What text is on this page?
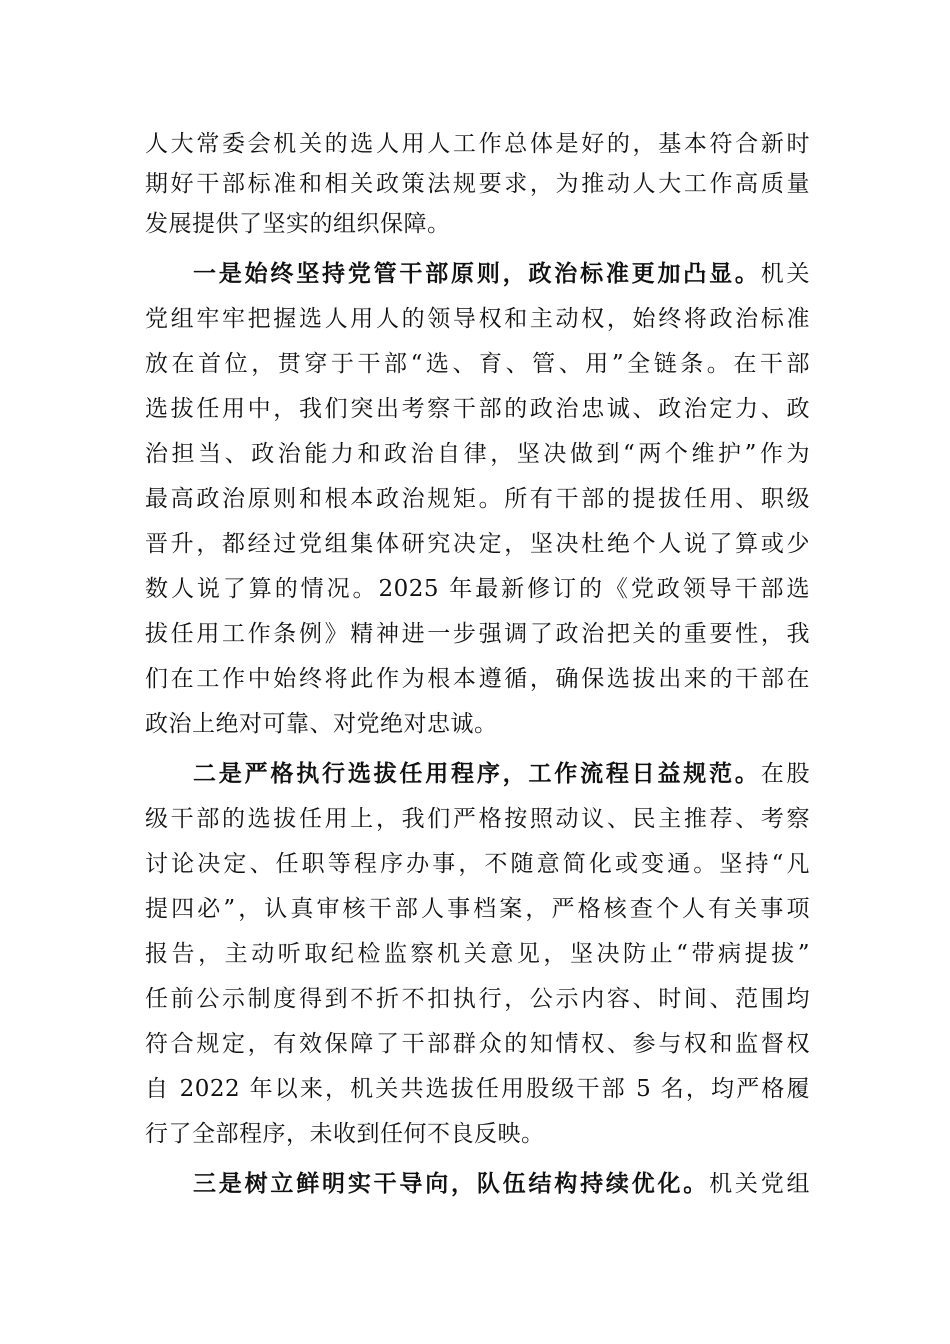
人大常委会机关的选人用人工作总体是好的，基本符合新时
期好干部标准和相关政策法规要求，为推动人大工作高质量
发展提供了坚实的组织保障。
一是始终坚持党管干部原则，政治标准更加凸显。机关
党组牢牢把握选人用人的领导权和主动权，始终将政治标准
放在首位，贯穿于干部“选、育、管、用”全链条。在干部
选拔任用中，我们突出考察干部的政治忠诚、政治定力、政
治担当、政治能力和政治自律，坚决做到“两个维护”作为
最高政治原则和根本政治规矩。所有干部的提拔任用、职级
晋升，都经过党组集体研究决定，坚决杜绝个人说了算或少
数人说了算的情况。2025 年最新修订的《党政领导干部选
拔任用工作条例》精神进一步强调了政治把关的重要性，我
们在工作中始终将此作为根本遵循，确保选拔出来的干部在
政治上绝对可靠、对党绝对忠诚。
二是严格执行选拔任用程序，工作流程日益规范。在股
级干部的选拔任用上，我们严格按照动议、民主推荐、考察
讨论决定、任职等程序办事，不随意简化或变通。坚持“凡
提四必”，认真审核干部人事档案，严格核查个人有关事项
报告，主动听取纪检监察机关意见，坚决防止“带病提拔”
任前公示制度得到不折不扣执行，公示内容、时间、范围均
符合规定，有效保障了干部群众的知情权、参与权和监督权
自 2022 年以来，机关共选拔任用股级干部 5 名，均严格履
行了全部程序，未收到任何不良反映。
三是树立鲜明实干导向，队伍结构持续优化。机关党组
